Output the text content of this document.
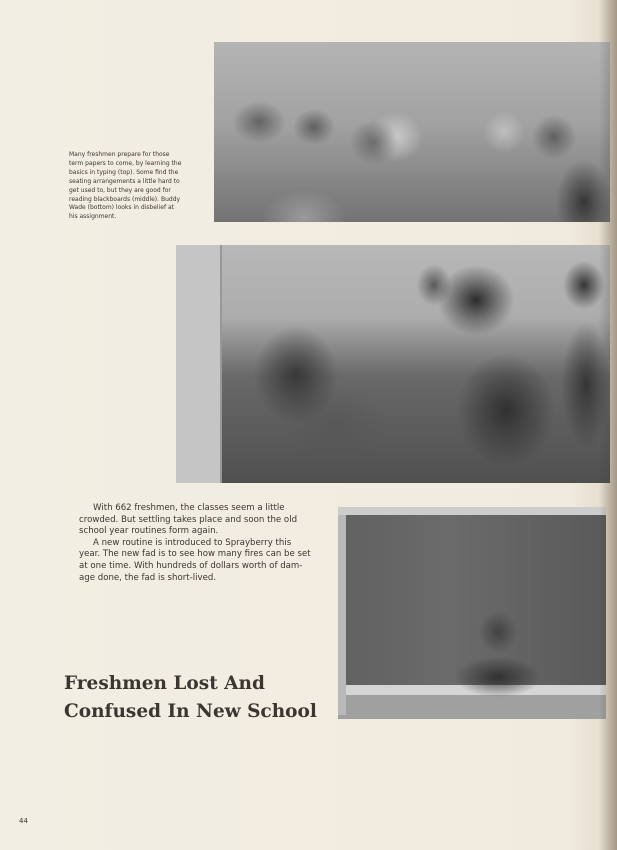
Many freshmen prepare for those
term papers to come, by learning the
basics in typing (top). Some find the
seating arrangements a little hard to
get used to, but they are good for
reading blackboards (middle). Buddy
Wade (bottom) looks in disbelief at
his assignment.

With 662 freshmen, the classes seem a little
crowded. But settling takes place and soon the old
school year routines form again.

A new routine is introduced to Sprayberry this
year. The new fad is to see how many fires can be set
at one time. With hundreds of dollars worth of dam-
age done, the fad is short-lived.

Freshmen Lost And
Confused In New School
44
